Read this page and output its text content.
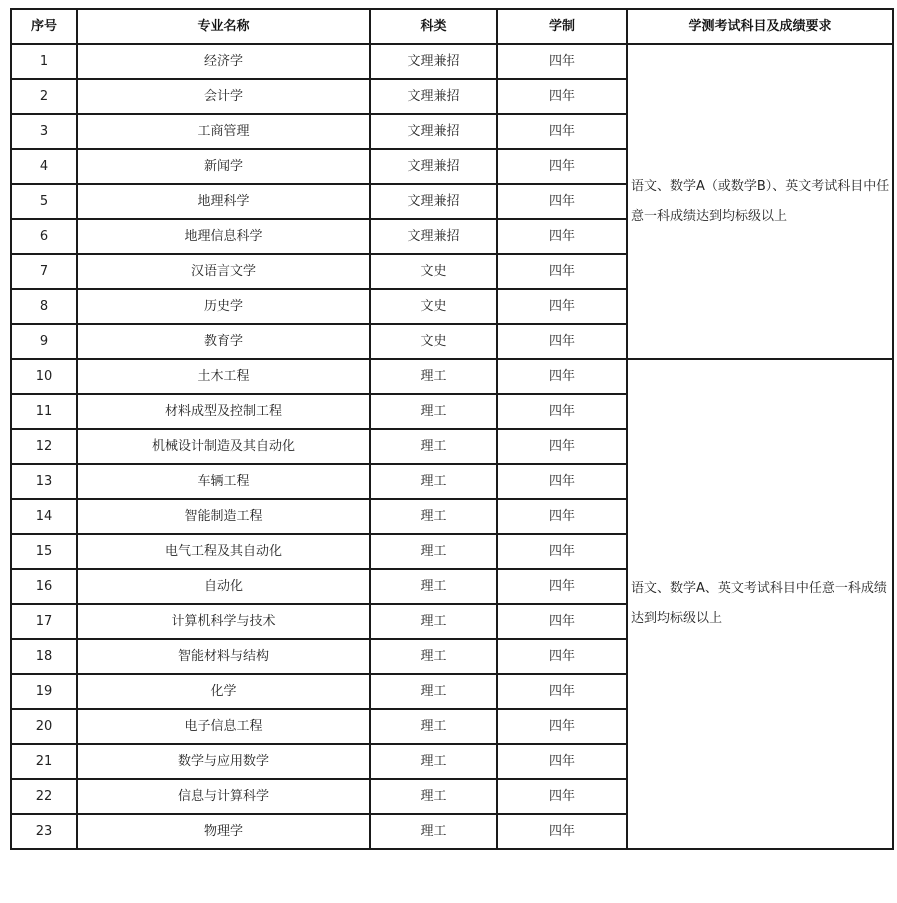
序号	专业名称	科类	学制	学测考试科目及成绩要求
1	经济学	文理兼招	四年	语文、数学A（或数学B）、英文考试科目中任意一科成绩达到均标级以上
2	会计学	文理兼招	四年	
3	工商管理	文理兼招	四年	
4	新闻学	文理兼招	四年	
5	地理科学	文理兼招	四年	
6	地理信息科学	文理兼招	四年	
7	汉语言文学	文史	四年	
8	历史学	文史	四年	
9	教育学	文史	四年	
10	土木工程	理工	四年	语文、数学A、英文考试科目中任意一科成绩达到均标级以上
11	材料成型及控制工程	理工	四年	
12	机械设计制造及其自动化	理工	四年	
13	车辆工程	理工	四年	
14	智能制造工程	理工	四年	
15	电气工程及其自动化	理工	四年	
16	自动化	理工	四年	
17	计算机科学与技术	理工	四年	
18	智能材料与结构	理工	四年	
19	化学	理工	四年	
20	电子信息工程	理工	四年	
21	数学与应用数学	理工	四年	
22	信息与计算科学	理工	四年	
23	物理学	理工	四年	
